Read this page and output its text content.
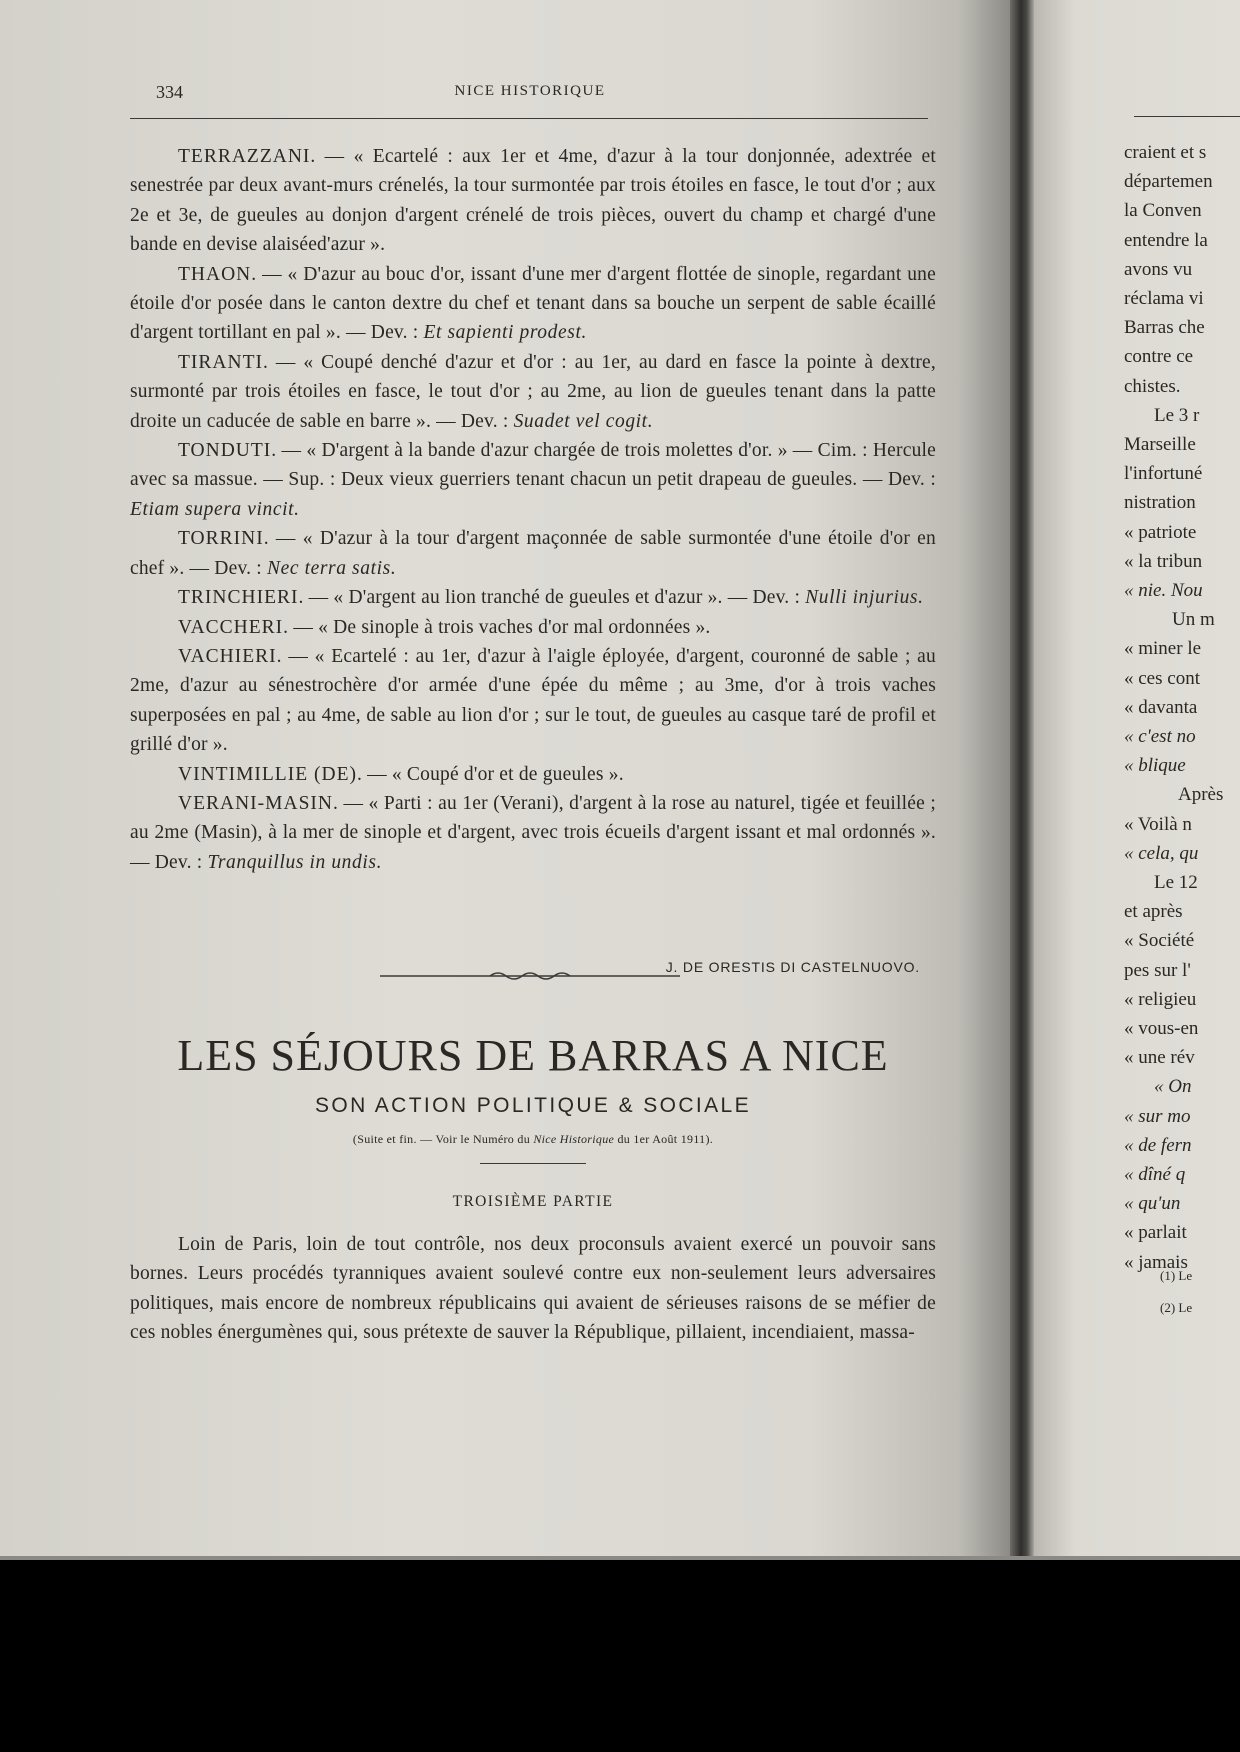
334	NICE HISTORIQUE

TERRAZZANI. — « Ecartelé : aux 1er et 4me, d'azur à la tour donjonnée, adextrée et senestrée par deux avant-murs crénelés, la tour surmontée par trois étoiles en fasce, le tout d'or ; aux 2e et 3e, de gueules au donjon d'argent crénelé de trois pièces, ouvert du champ et chargé d'une bande en devise alaiséed'azur ».

THAON. — « D'azur au bouc d'or, issant d'une mer d'argent flottée de sinople, regardant une étoile d'or posée dans le canton dextre du chef et tenant dans sa bouche un serpent de sable écaillé d'argent tortillant en pal ». — Dev. : Et sapienti prodest.

TIRANTI. — « Coupé denché d'azur et d'or : au 1er, au dard en fasce la pointe à dextre, surmonté par trois étoiles en fasce, le tout d'or ; au 2me, au lion de gueules tenant dans la patte droite un caducée de sable en barre ». — Dev. : Suadet vel cogit.

TONDUTI. — « D'argent à la bande d'azur chargée de trois molettes d'or. » — Cim. : Hercule avec sa massue. — Sup. : Deux vieux guerriers tenant chacun un petit drapeau de gueules. — Dev. : Etiam supera vincit.

TORRINI. — « D'azur à la tour d'argent maçonnée de sable surmontée d'une étoile d'or en chef ». — Dev. : Nec terra satis.

TRINCHIERI. — « D'argent au lion tranché de gueules et d'azur ». — Dev. : Nulli injurius.

VACCHERI. — « De sinople à trois vaches d'or mal ordonnées ».

VACHIERI. — « Ecartelé : au 1er, d'azur à l'aigle éployée, d'argent, couronné de sable ; au 2me, d'azur au sénestrochère d'or armée d'une épée du même ; au 3me, d'or à trois vaches superposées en pal ; au 4me, de sable au lion d'or ; sur le tout, de gueules au casque taré de profil et grillé d'or ».

VINTIMILLIE (DE). — « Coupé d'or et de gueules ».

VERANI-MASIN. — « Parti : au 1er (Verani), d'argent à la rose au naturel, tigée et feuillée ; au 2me (Masin), à la mer de sinople et d'argent, avec trois écueils d'argent issant et mal ordonnés ». — Dev. : Tranquillus in undis.

J. DE ORESTIS DI CASTELNUOVO.
LES SÉJOURS DE BARRAS A NICE
SON ACTION POLITIQUE & SOCIALE
(Suite et fin. — Voir le Numéro du Nice Historique du 1er Août 1911).
TROISIÈME PARTIE

Loin de Paris, loin de tout contrôle, nos deux proconsuls avaient exercé un pouvoir sans bornes. Leurs procédés tyranniques avaient soulevé contre eux non-seulement leurs adversaires politiques, mais encore de nombreux républicains qui avaient de sérieuses raisons de se méfier de ces nobles énergumènes qui, sous prétexte de sauver la République, pillaient, incendiaient, massa-

craient et s
départemen
la Conven
entendre la
avons vu
réclama vi
Barras che
contre ce
chistes.
Le 3 r
Marseille
l'infortuné
nistration
« patriote
« la tribun
« nie. Nou
Un m
« miner le
« ces cont
« davanta
« c'est no
« blique
Après
« Voilà n
« cela, qu
Le 12
et après
« Société
pes sur l'
« religieu
« vous-en
« une rév
« On
« sur mo
« de fern
« dîné q
« qu'un
« parlait
« jamais
(1) Le
(2) Le
